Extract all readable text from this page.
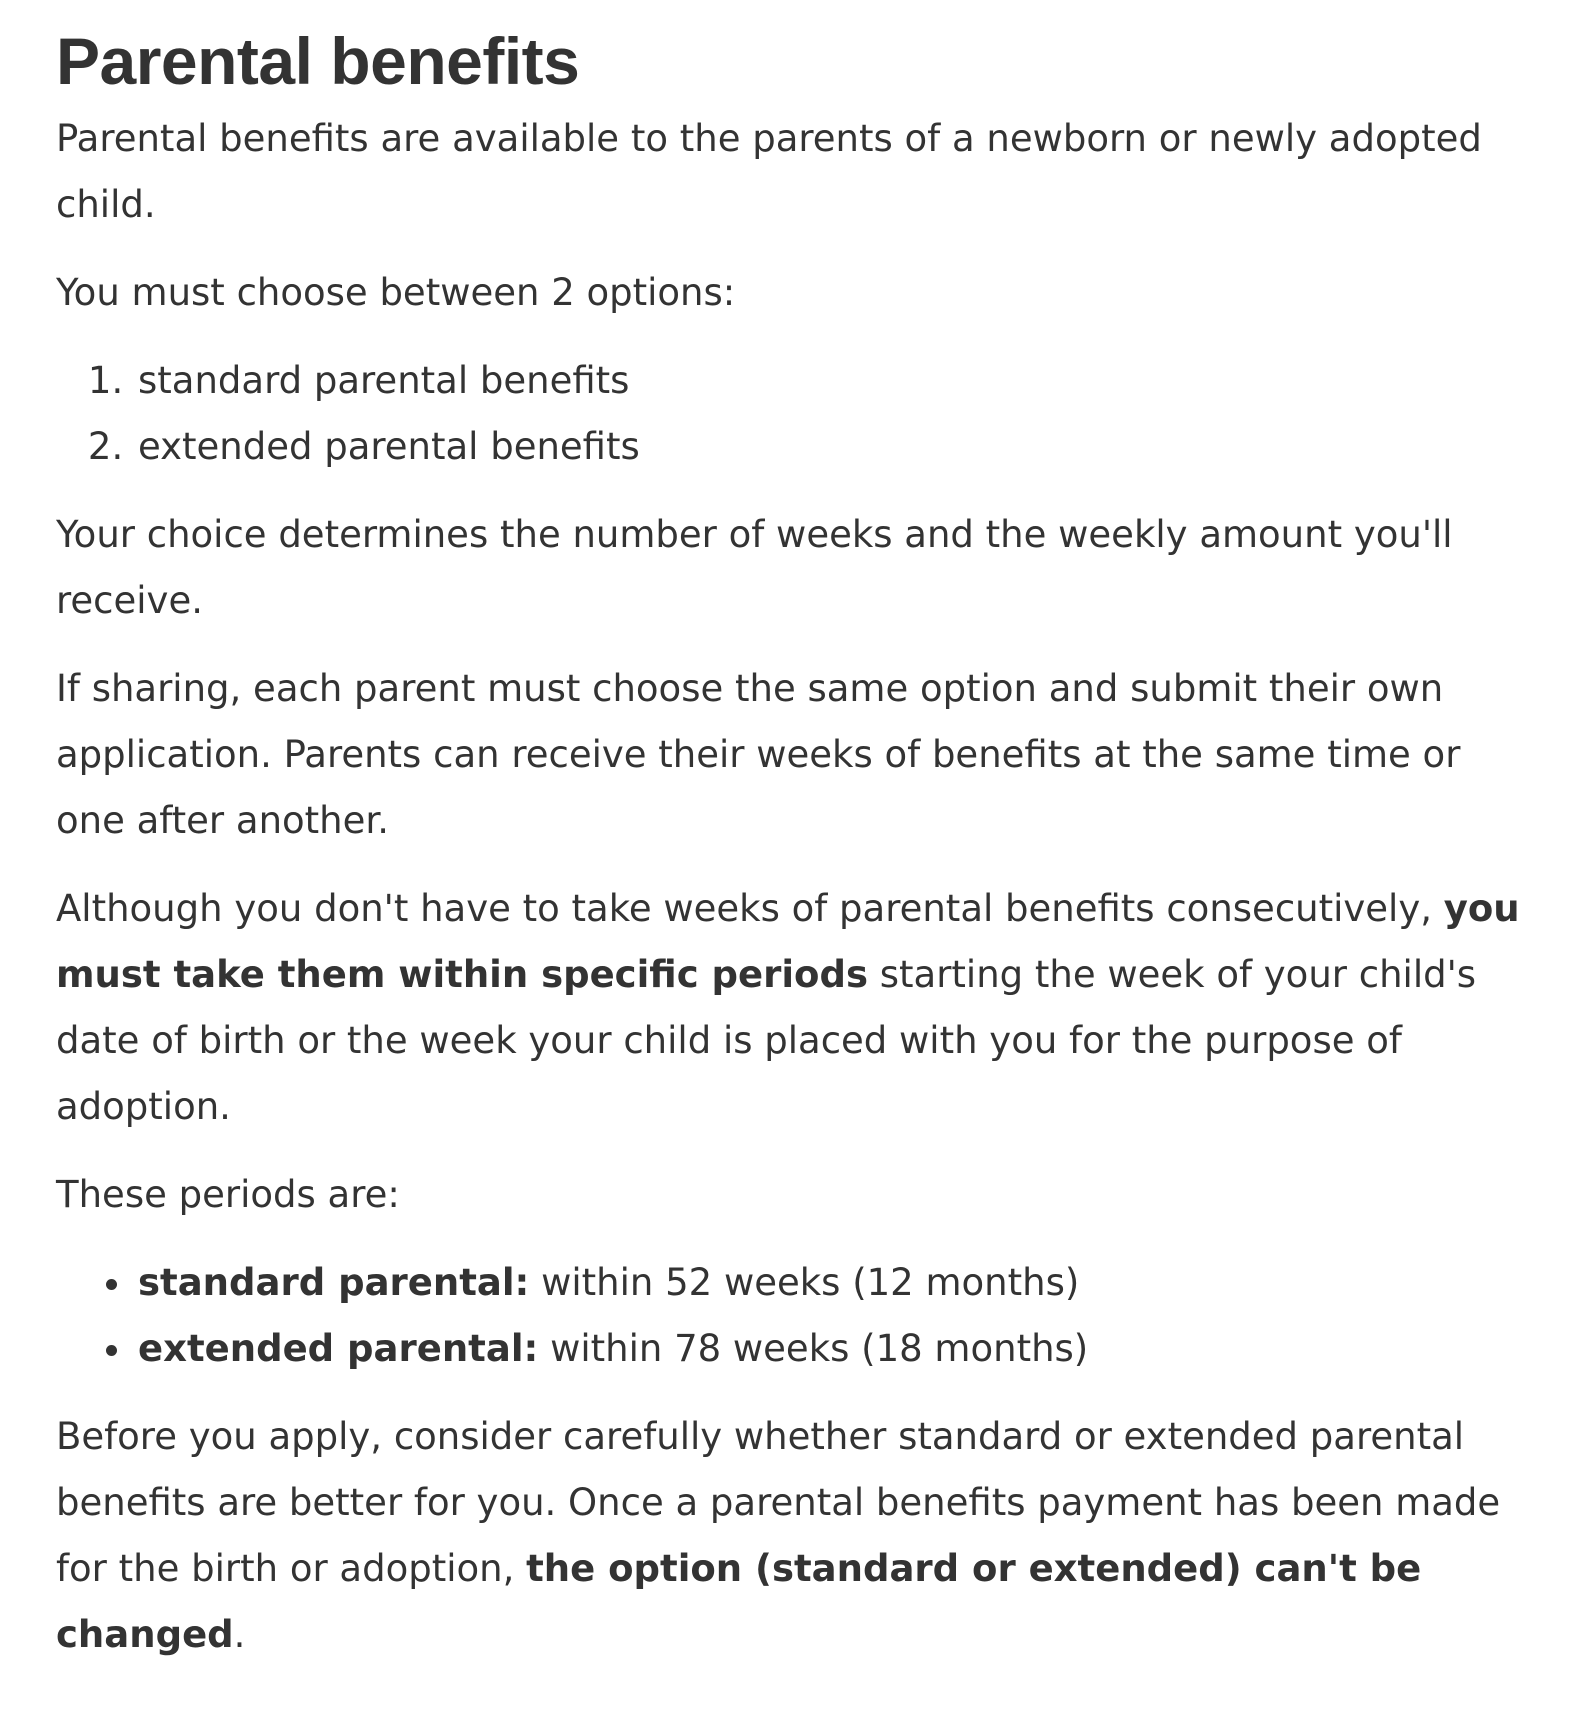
Parental benefits

Parental benefits are available to the parents of a newborn or newly adopted child.

You must choose between 2 options:

1. standard parental benefits
2. extended parental benefits

Your choice determines the number of weeks and the weekly amount you'll receive.

If sharing, each parent must choose the same option and submit their own application. Parents can receive their weeks of benefits at the same time or one after another.

Although you don't have to take weeks of parental benefits consecutively, you must take them within specific periods starting the week of your child's date of birth or the week your child is placed with you for the purpose of adoption.

These periods are:

• standard parental: within 52 weeks (12 months)
• extended parental: within 78 weeks (18 months)

Before you apply, consider carefully whether standard or extended parental benefits are better for you. Once a parental benefits payment has been made for the birth or adoption, the option (standard or extended) can't be changed.
